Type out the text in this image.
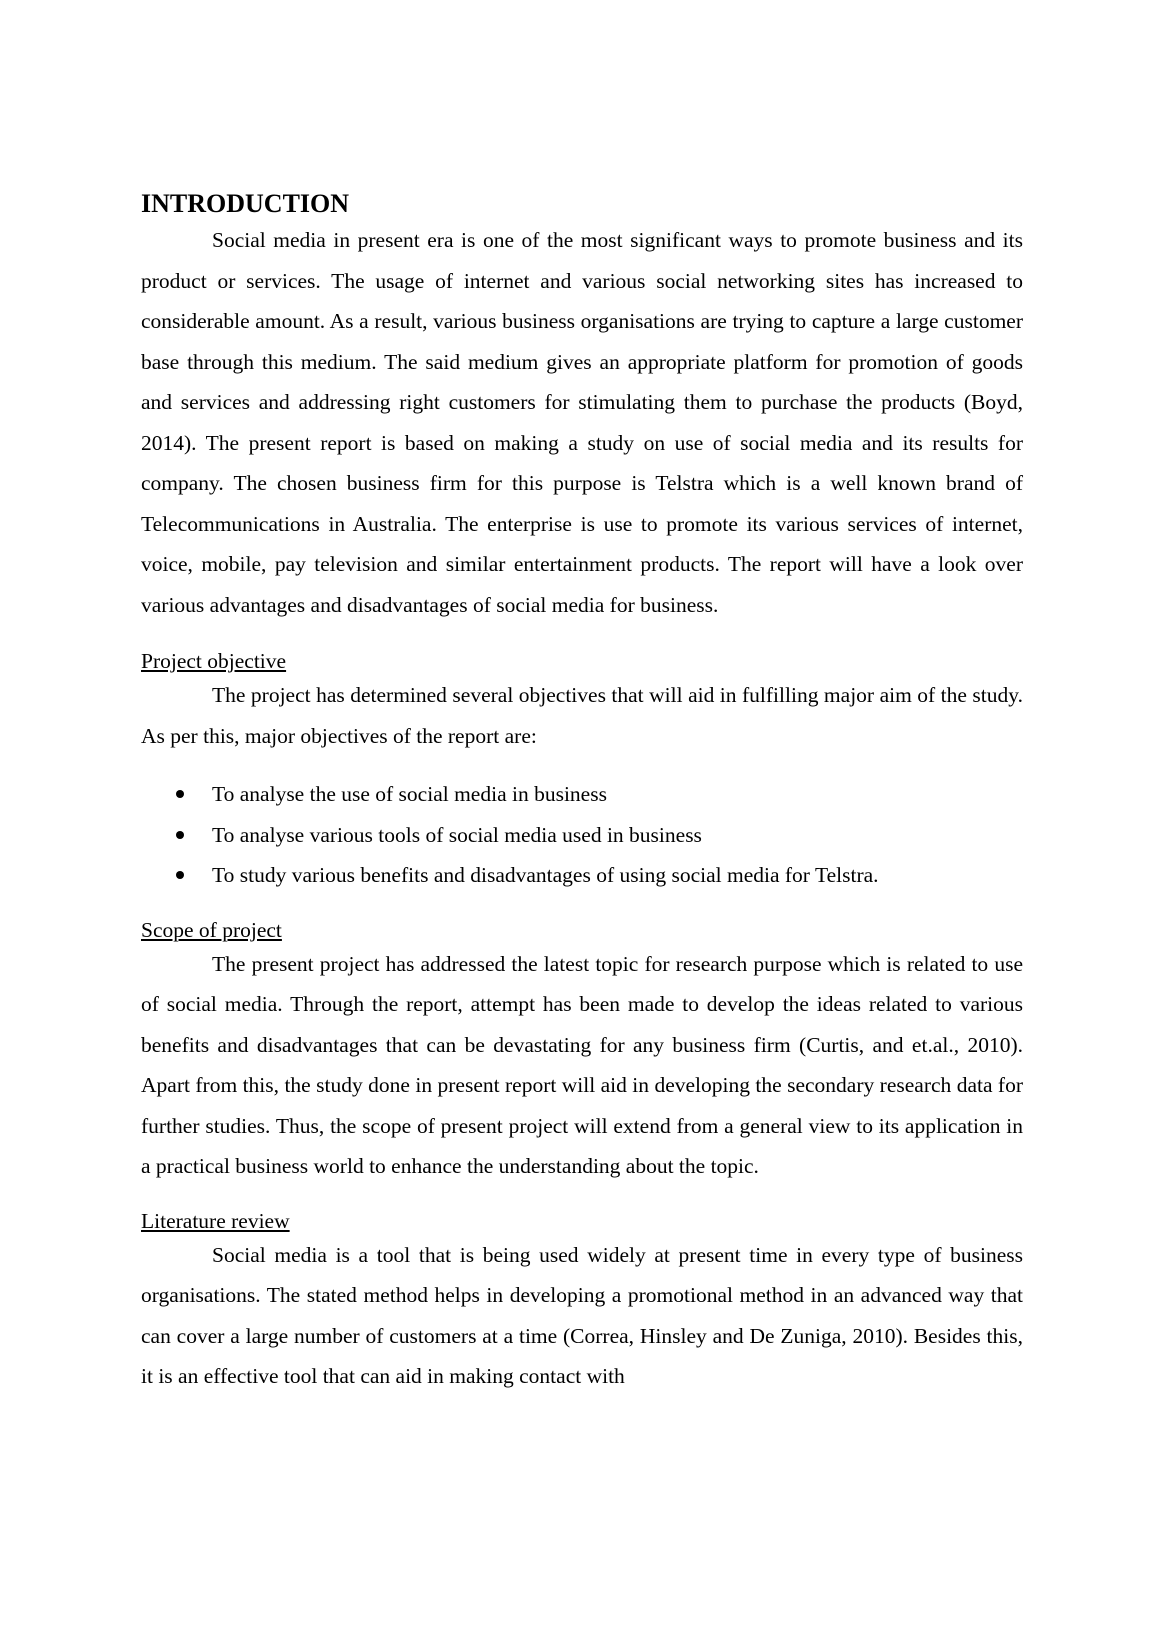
INTRODUCTION

Social media in present era is one of the most significant ways to promote business and its product or services. The usage of internet and various social networking sites has increased to considerable amount. As a result, various business organisations are trying to capture a large customer base through this medium. The said medium gives an appropriate platform for promotion of goods and services and addressing right customers for stimulating them to purchase the products (Boyd, 2014). The present report is based on making a study on use of social media and its results for company. The chosen business firm for this purpose is Telstra which is a well known brand of Telecommunications in Australia. The enterprise is use to promote its various services of internet, voice, mobile, pay television and similar entertainment products. The report will have a look over various advantages and disadvantages of social media for business.

Project objective

The project has determined several objectives that will aid in fulfilling major aim of the study. As per this, major objectives of the report are:

To analyse the use of social media in business
To analyse various tools of social media used in business
To study various benefits and disadvantages of using social media for Telstra.
Scope of project

The present project has addressed the latest topic for research purpose which is related to use of social media. Through the report, attempt has been made to develop the ideas related to various benefits and disadvantages that can be devastating for any business firm (Curtis, and et.al., 2010). Apart from this, the study done in present report will aid in developing the secondary research data for further studies. Thus, the scope of present project will extend from a general view to its application in a practical business world to enhance the understanding about the topic.

Literature review

Social media is a tool that is being used widely at present time in every type of business organisations. The stated method helps in developing a promotional method in an advanced way that can cover a large number of customers at a time (Correa, Hinsley and De Zuniga, 2010). Besides this, it is an effective tool that can aid in making contact with
